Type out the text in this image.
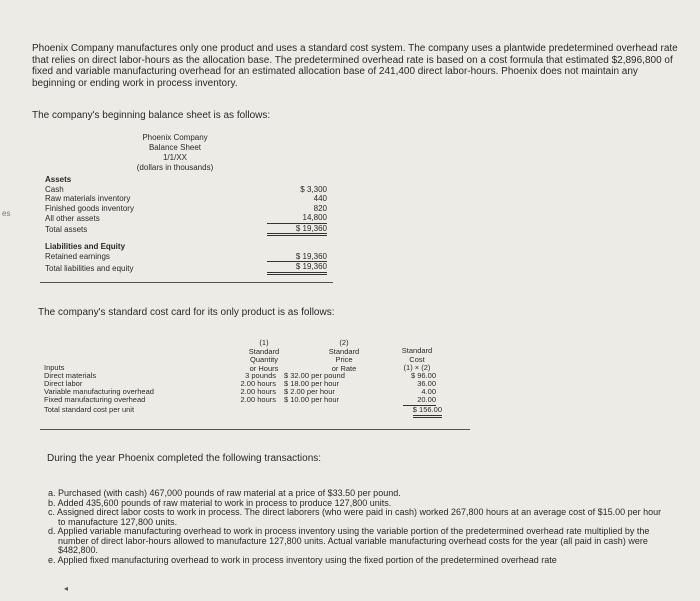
es

Phoenix Company manufactures only one product and uses a standard cost system. The company uses a plantwide predetermined overhead rate that relies on direct labor-hours as the allocation base. The predetermined overhead rate is based on a cost formula that estimated $2,896,800 of fixed and variable manufacturing overhead for an estimated allocation base of 241,400 direct labor-hours. Phoenix does not maintain any beginning or ending work in process inventory.

The company's beginning balance sheet is as follows:

Phoenix Company
Balance Sheet
1/1/XX
(dollars in thousands)
Assets	
Cash	$ 3,300
Raw materials inventory	440
Finished goods inventory	820
All other assets	14,800
Total assets	$ 19,360

Liabilities and Equity	
Retained earnings	$ 19,360
Total liabilities and equity	$ 19,360

The company's standard cost card for its only product is as follows:

(1)
Standard
Quantity
or Hours
(2)
Standard
Price
or Rate
Standard
Cost
(1) × (2)
Inputs
Direct materials	3 pounds $ 32.00 per pound	$ 96.00
Direct labor	2.00 hours $ 18.00 per hour	36.00
Variable manufacturing overhead	2.00 hours $ 2.00 per hour	4.00
Fixed manufacturing overhead	2.00 hours $ 10.00 per hour	20.00
Total standard cost per unit	$ 156.00

During the year Phoenix completed the following transactions:

a. Purchased (with cash) 467,000 pounds of raw material at a price of $33.50 per pound.
b. Added 435,600 pounds of raw material to work in process to produce 127,800 units.
c. Assigned direct labor costs to work in process. The direct laborers (who were paid in cash) worked 267,800 hours at an average cost of $15.00 per hour to manufacture 127,800 units.
d. Applied variable manufacturing overhead to work in process inventory using the variable portion of the predetermined overhead rate multiplied by the number of direct labor-hours allowed to manufacture 127,800 units. Actual variable manufacturing overhead costs for the year (all paid in cash) were $482,800.
e. Applied fixed manufacturing overhead to work in process inventory using the fixed portion of the predetermined overhead rate
◂
